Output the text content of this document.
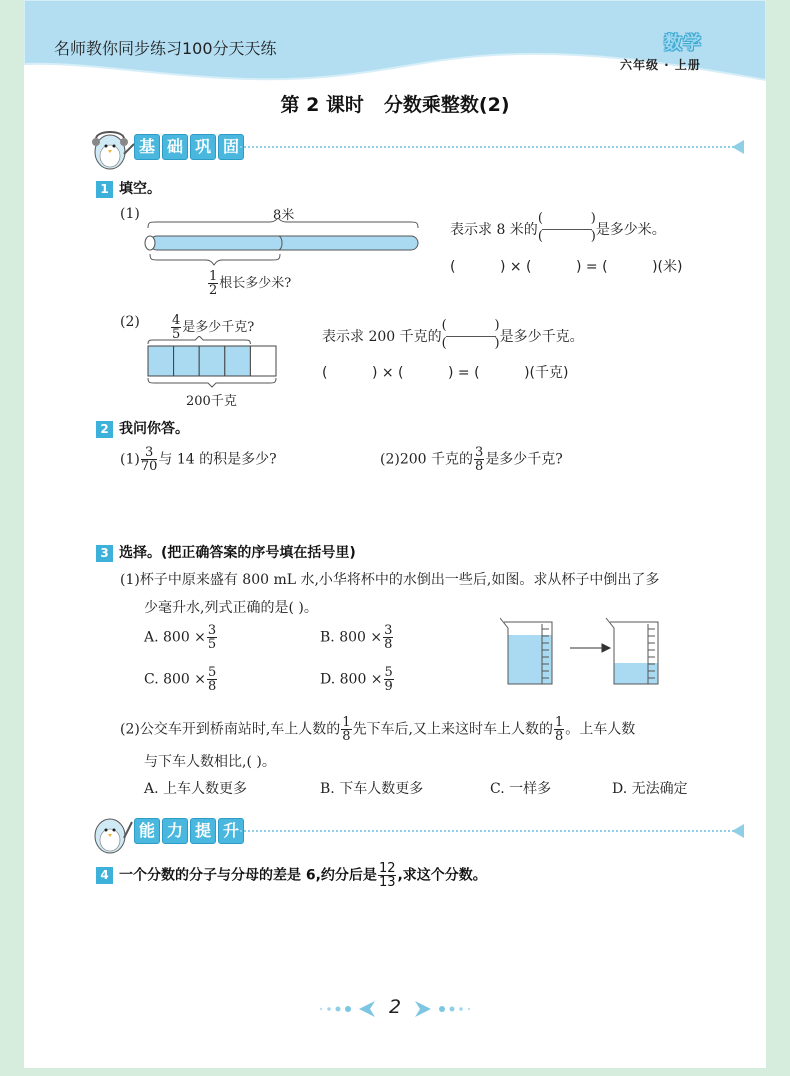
名师教你同步练习100分天天练	数学
六年级 · 上册
第 2 课时 分数乘整数(2)
基 础 巩 固
1 填空。
(1)	8米
$\frac{1}{2}$ 根长多少米?
表示求 8 米的
(	)
(	) 是多少米。
(          ) × (          ) = (          )(米)
$(2) \frac{4}{5}$ 是多少千克?
200千克
表示求 200 千克的
(	)
(	) 是多少千克。
(          ) × (          ) = (          )(千克)
2 我问你答。
$(1) \frac{3}{70}$ 与 14 的积是多少?	(2)200 千克的 $\frac{3}{8}$ 是多少千克?
3 选择。(把正确答案的序号填在括号里)
(1)杯子中原来盛有 800 mL 水,小华将杯中的水倒出一些后,如图。求从杯子中倒出了多
少毫升水,列式正确的是( )。
A. $800 \times \frac{3}{5}$	B. $800 \times \frac{3}{8}$
C. $800 \times \frac{5}{8}$	D. $800 \times \frac{5}{9}$
(2)公交车开到桥南站时,车上人数的 $\frac{1}{8}$ 先下车后,又上来这时车上人数的 $\frac{1}{8}$ 。上车人数
与下车人数相比,( )。
A. 上车人数更多	B. 下车人数更多	C. 一样多	D. 无法确定
能 力 提 升
4 一个分数的分子与分母的差是 6,约分后是 $\frac{12}{13}$ ,求这个分数。
2
